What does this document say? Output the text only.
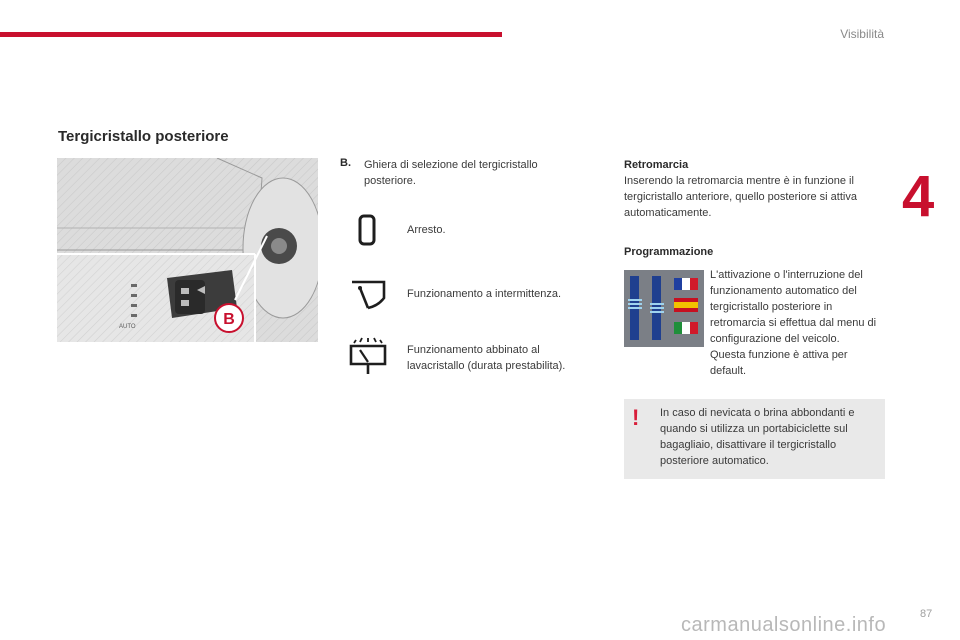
Visibilità
4
Tergicristallo posteriore
AUTO	B
B. Ghiera di selezione del tergicristallo posteriore.
Arresto.
Funzionamento a intermittenza.
Funzionamento abbinato al lavacristallo (durata prestabilita).
Retromarcia
Inserendo la retromarcia mentre è in funzione il tergicristallo anteriore, quello posteriore si attiva automaticamente.
Programmazione
L'attivazione o l'interruzione del funzionamento automatico del tergicristallo posteriore in retromarcia si effettua dal menu di configurazione del veicolo.
Questa funzione è attiva per default.
! In caso di nevicata o brina abbondanti e quando si utilizza un portabiciclette sul bagagliaio, disattivare il tergicristallo posteriore automatico.
87
carmanualsonline.info
